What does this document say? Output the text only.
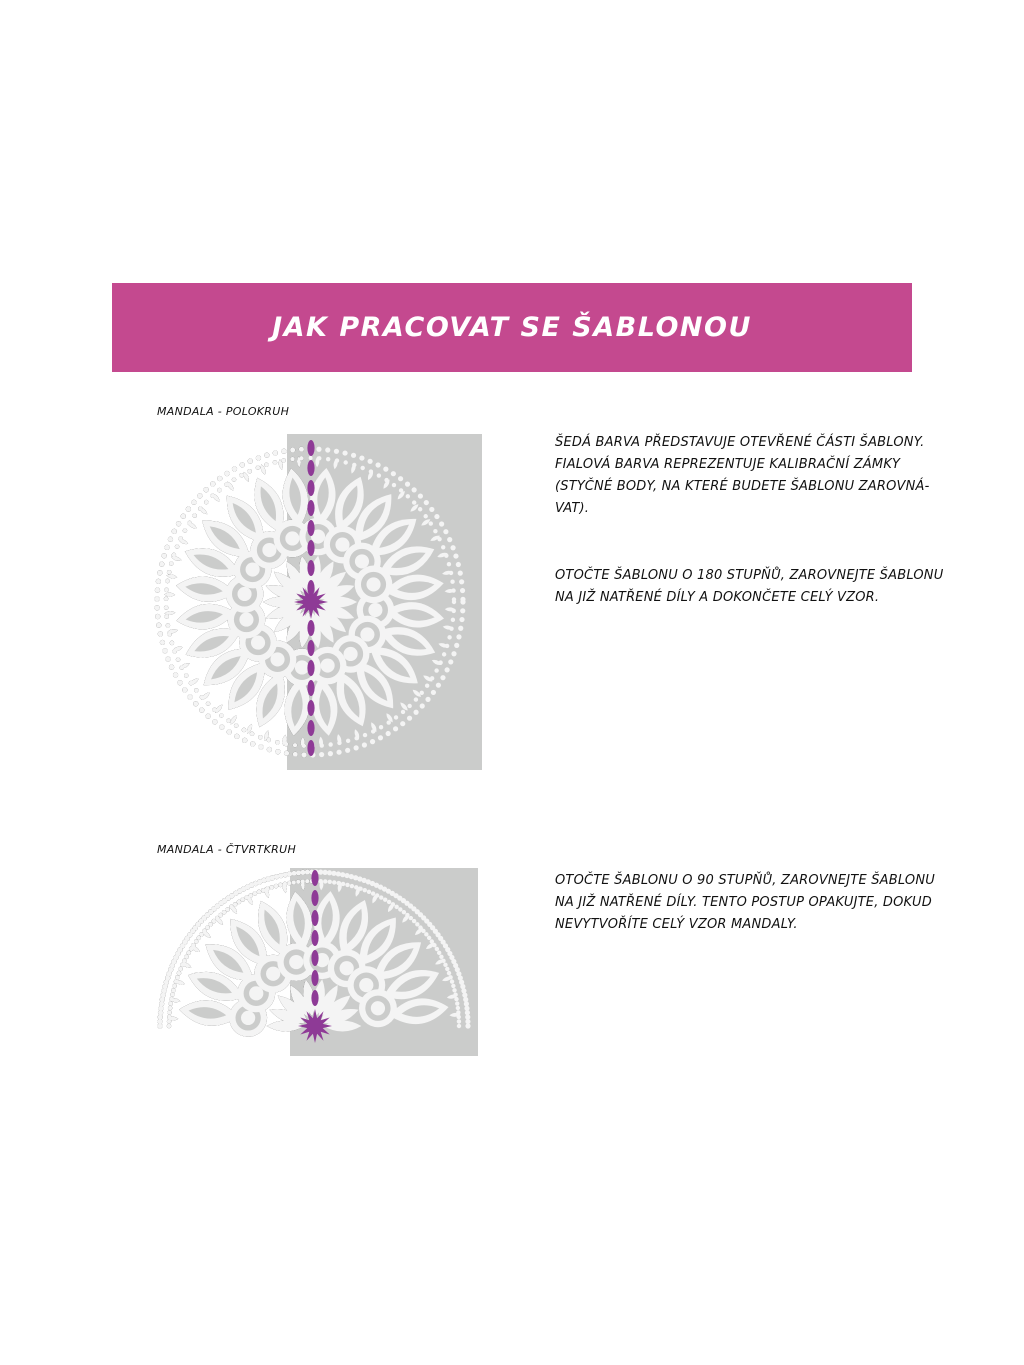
JAK PRACOVAT SE ŠABLONOU
MANDALA - POLOKRUH

ŠEDÁ BARVA PŘEDSTAVUJE OTEVŘENÉ ČÁSTI ŠABLONY.
FIALOVÁ BARVA REPREZENTUJE KALIBRAČNÍ ZÁMKY
(STYČNÉ BODY, NA KTERÉ BUDETE ŠABLONU ZAROVNÁ-
VAT).

OTOČTE ŠABLONU O 180 STUPŇŮ, ZAROVNEJTE ŠABLONU
NA JIŽ NATŘENÉ DÍLY A DOKONČETE CELÝ VZOR.

MANDALA - ČTVRTKRUH

OTOČTE ŠABLONU O 90 STUPŇŮ, ZAROVNEJTE ŠABLONU
NA JIŽ NATŘENÉ DÍLY. TENTO POSTUP OPAKUJTE, DOKUD
NEVYTVOŘÍTE CELÝ VZOR MANDALY.
